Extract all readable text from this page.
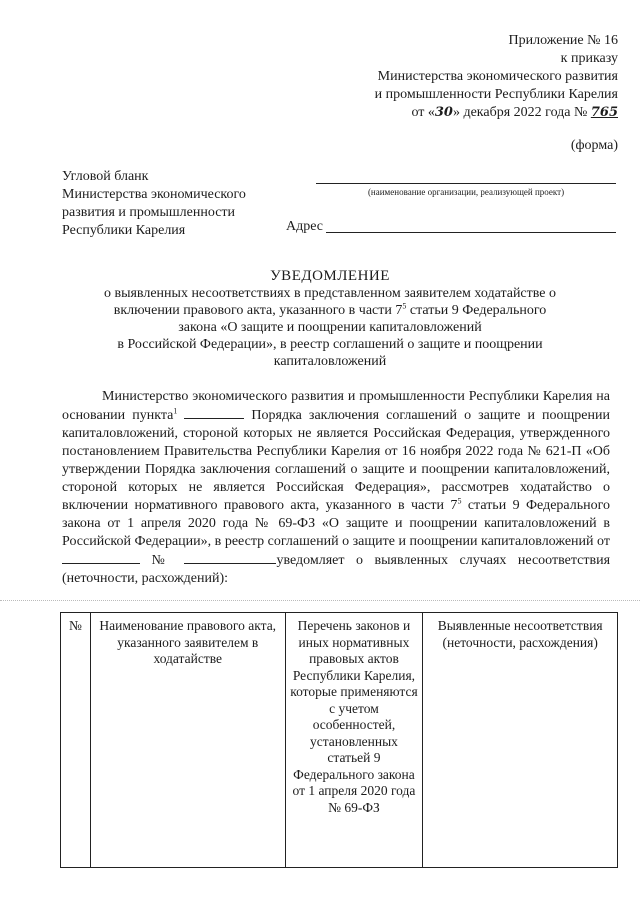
Приложение № 16
к приказу
Министерства экономического развития
и промышленности Республики Карелия
от «30» декабря 2022 года № 765
(форма)
Угловой бланк
Министерства экономического
развития и промышленности
Республики Карелия
(наименование организации, реализующей проект)
Адрес
УВЕДОМЛЕНИЕ
о выявленных несоответствиях в представленном заявителем ходатайстве о
включении правового акта, указанного в части $7^5$ статьи 9 Федерального
закона «О защите и поощрении капиталовложений
в Российской Федерации», в реестр соглашений о защите и поощрении
капиталовложений

Министерство экономического развития и промышленности Республики Карелия на основании пункта$^1$	Порядка заключения соглашений о защите и поощрении капиталовложений, стороной которых не является Российская Федерация, утвержденного постановлением Правительства Республики Карелия от 16 ноября 2022 года № 621-П «Об утверждении Порядка заключения соглашений о защите и поощрении капиталовложений, стороной которых не является Российская Федерация», рассмотрев ходатайство о включении нормативного правового акта, указанного в части $7^5$ статьи 9 Федерального закона от 1 апреля 2020 года № 69-ФЗ «О защите и поощрении капиталовложений в Российской Федерации», в реестр соглашений о защите и поощрении капиталовложений от  №	уведомляет о выявленных случаях несоответствия (неточности, расхождений):

№	Наименование правового акта, указанного заявителем в ходатайстве	Перечень законов и иных нормативных правовых актов Республики Карелия, которые применяются с учетом особенностей, установленных статьей 9 Федерального закона от 1 апреля 2020 года № 69-ФЗ	Выявленные несоответствия (неточности, расхождения)
